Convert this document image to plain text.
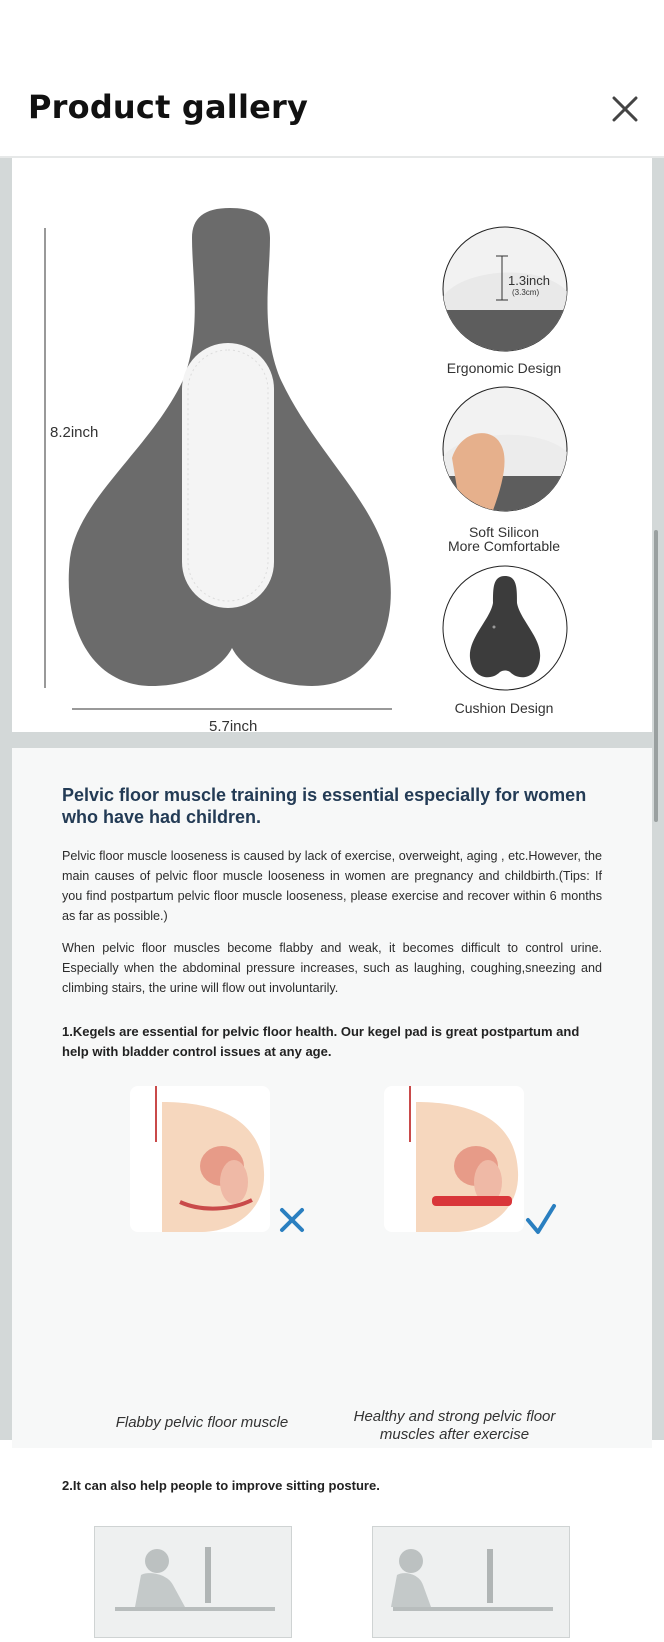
Product gallery
8.2inch
5.7inch
1.3inch
(3.3cm)
Ergonomic Design
Soft Silicon
More Comfortable
Cushion Design
Pelvic floor muscle training is essential especially for women who have had children.
Pelvic floor muscle looseness is caused by lack of exercise, overweight, aging , etc.However, the main causes of pelvic floor muscle looseness in women are pregnancy and childbirth.(Tips: If you find postpartum pelvic floor muscle looseness, please exercise and recover within 6 months as far as possible.)
When pelvic floor muscles become flabby and weak, it becomes difficult to control urine. Especially when the abdominal pressure increases, such as laughing, coughing,sneezing and climbing stairs, the urine will flow out involuntarily.
1.Kegels are essential for pelvic floor health. Our kegel pad is great postpartum and help with bladder control issues at any age.
Flabby pelvic floor muscle	Healthy and strong pelvic floor muscles after exercise
2.It can also help people to improve sitting posture.
